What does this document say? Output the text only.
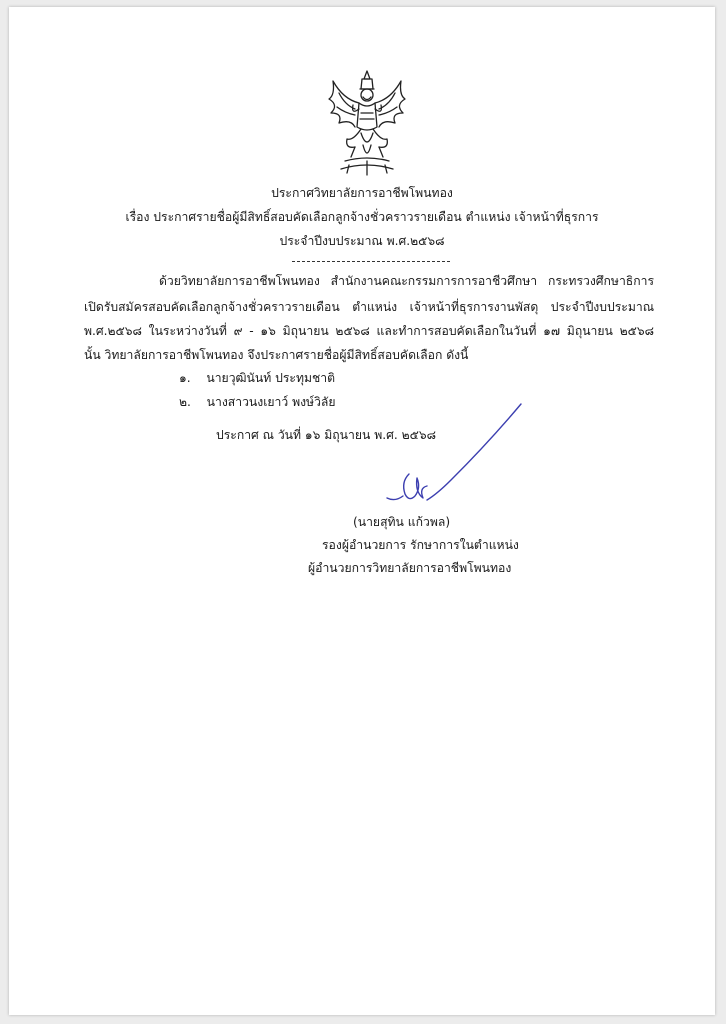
ประกาศวิทยาลัยการอาชีพโพนทอง
เรื่อง ประกาศรายชื่อผู้มีสิทธิ์สอบคัดเลือกลูกจ้างชั่วคราวรายเดือน ตำแหน่ง เจ้าหน้าที่ธุรการ
ประจำปีงบประมาณ พ.ศ.๒๕๖๘
ด้วยวิทยาลัยการอาชีพโพนทอง สำนักงานคณะกรรมการการอาชีวศึกษา กระทรวงศึกษาธิการ
เปิดรับสมัครสอบคัดเลือกลูกจ้างชั่วคราวรายเดือน ตำแหน่ง เจ้าหน้าที่ธุรการงานพัสดุ ประจำปีงบประมาณ
พ.ศ.๒๕๖๘ ในระหว่างวันที่ ๙ - ๑๖ มิถุนายน ๒๕๖๘ และทำการสอบคัดเลือกในวันที่ ๑๗ มิถุนายน ๒๕๖๘
นั้น วิทยาลัยการอาชีพโพนทอง จึงประกาศรายชื่อผู้มีสิทธิ์สอบคัดเลือก ดังนี้
๑. นายวุฒินันท์ ประทุมชาติ
๒. นางสาวนงเยาว์ พงษ์วิลัย
ประกาศ ณ วันที่ ๑๖ มิถุนายน พ.ศ. ๒๕๖๘
(นายสุทิน แก้วพล)
รองผู้อำนวยการ รักษาการในตำแหน่ง
ผู้อำนวยการวิทยาลัยการอาชีพโพนทอง
